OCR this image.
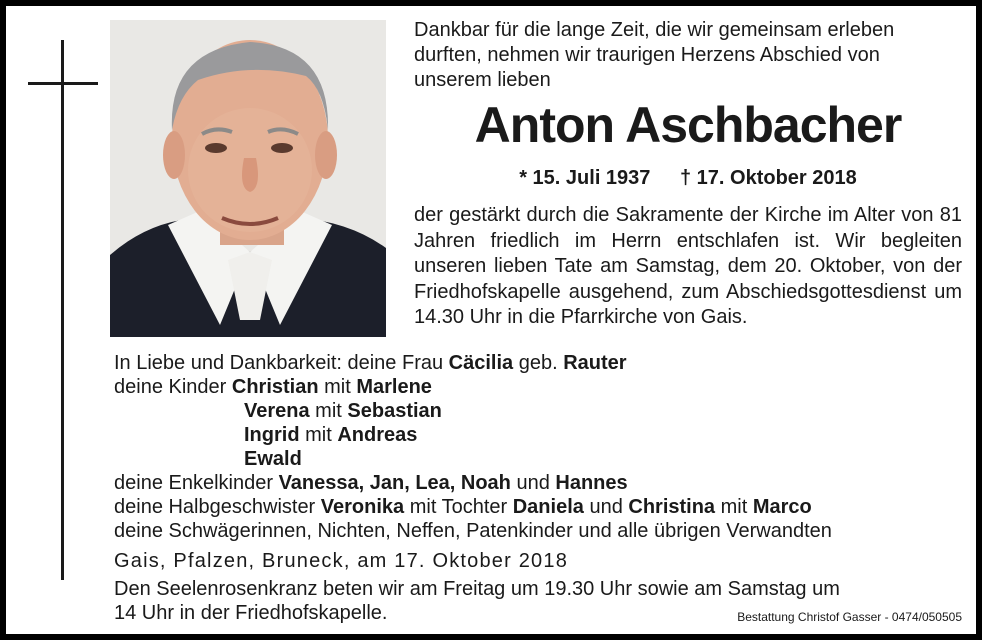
Dankbar für die lange Zeit, die wir gemeinsam erleben durften, nehmen wir traurigen Herzens Abschied von unserem lieben
Anton Aschbacher
* 15. Juli 1937 † 17. Oktober 2018
der gestärkt durch die Sakramente der Kirche im Alter von 81 Jahren friedlich im Herrn entschlafen ist. Wir begleiten unseren lieben Tate am Samstag, dem 20. Oktober, von der Friedhofskapelle ausgehend, zum Abschiedsgottesdienst um 14.30 Uhr in die Pfarrkirche von Gais.
In Liebe und Dankbarkeit: deine Frau Cäcilia geb. Rauter
deine Kinder Christian mit Marlene
Verena mit Sebastian
Ingrid mit Andreas
Ewald
deine Enkelkinder Vanessa, Jan, Lea, Noah und Hannes
deine Halbgeschwister Veronika mit Tochter Daniela und Christina mit Marco
deine Schwägerinnen, Nichten, Neffen, Patenkinder und alle übrigen Verwandten
Gais, Pfalzen, Bruneck, am 17. Oktober 2018
Den Seelenrosenkranz beten wir am Freitag um 19.30 Uhr sowie am Samstag um
14 Uhr in der Friedhofskapelle.	Bestattung Christof Gasser - 0474/050505
